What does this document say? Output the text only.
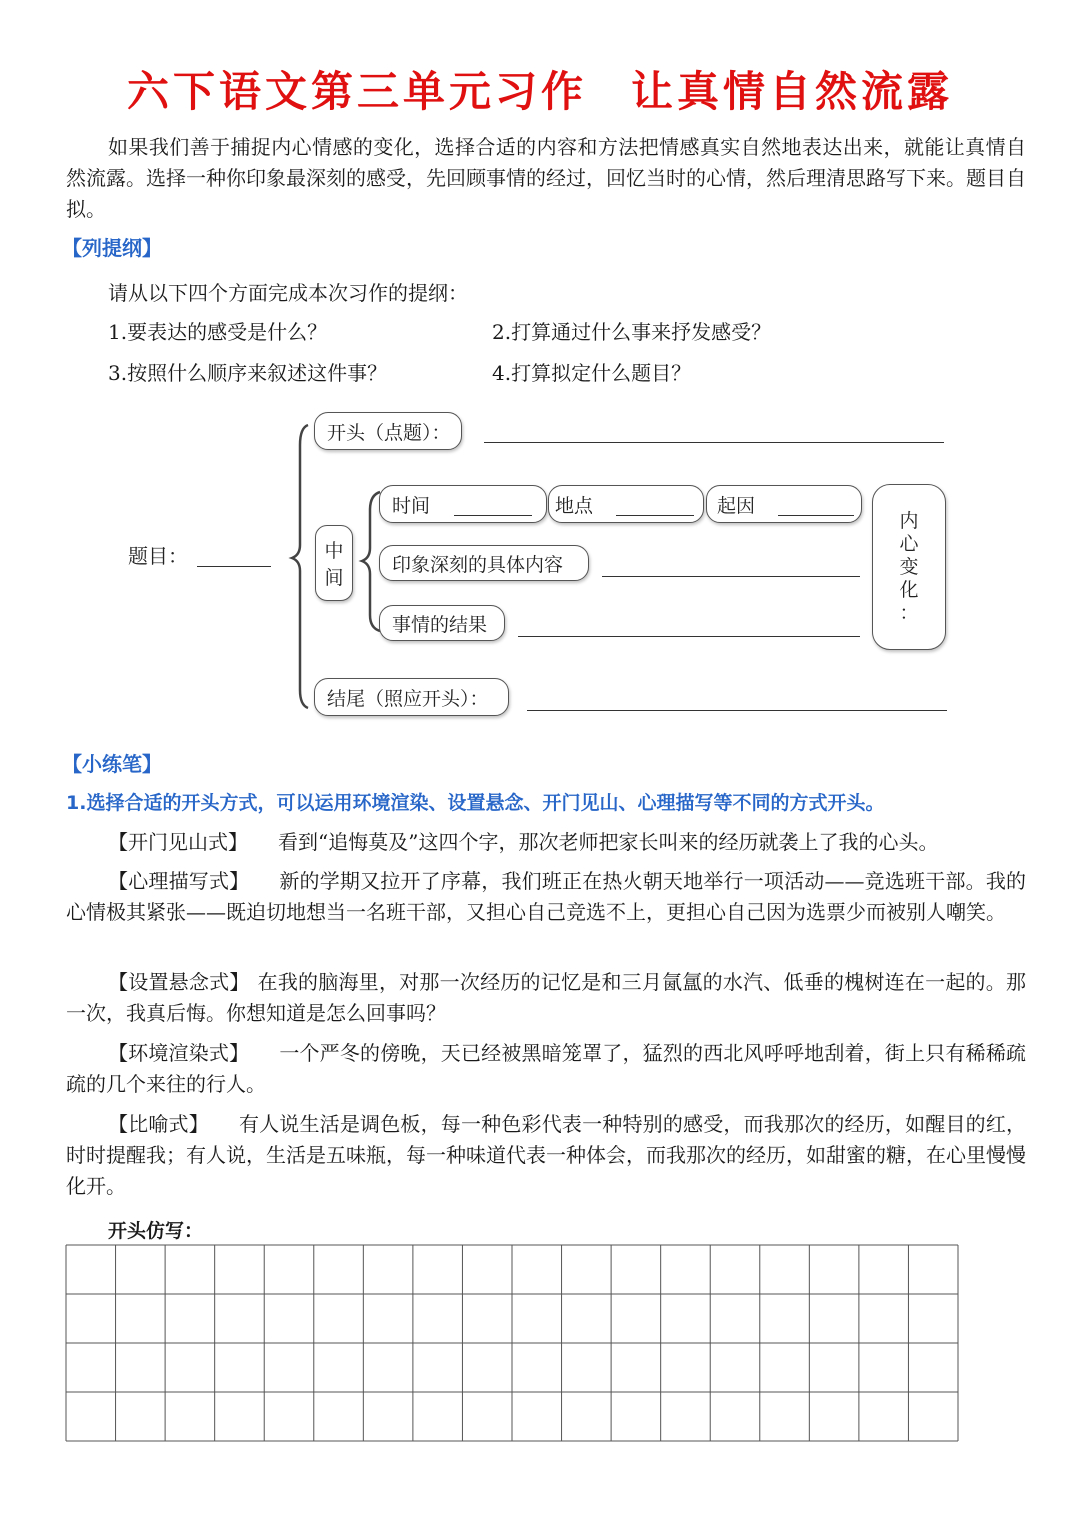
六下语文第三单元习作 让真情自然流露

如果我们善于捕捉内心情感的变化，选择合适的内容和方法把情感真实自然地表达出来，就能让真情自然流露。选择一种你印象最深刻的感受，先回顾事情的经过，回忆当时的心情，然后理清思路写下来。题目自拟。

【列提纲】
请从以下四个方面完成本次习作的提纲：
1.要表达的感受是什么？	2.打算通过什么事来抒发感受？
3.按照什么顺序来叙述这件事？	4.打算拟定什么题目？
题目：
开头（点题）：
中
间
时间	地点	起因
印象深刻的具体内容
事情的结果
内
心
变
化
：
结尾（照应开头）：
【小练笔】
1.选择合适的开头方式，可以运用环境渲染、设置悬念、开门见山、心理描写等不同的方式开头。

【开门见山式】 看到“追悔莫及”这四个字，那次老师把家长叫来的经历就袭上了我的心头。

【心理描写式】 新的学期又拉开了序幕，我们班正在热火朝天地举行一项活动——竞选班干部。我的心情极其紧张——既迫切地想当一名班干部，又担心自己竞选不上，更担心自己因为选票少而被别人嘲笑。

【设置悬念式】 在我的脑海里，对那一次经历的记忆是和三月氤氲的水汽、低垂的槐树连在一起的。那一次，我真后悔。你想知道是怎么回事吗？

【环境渲染式】 一个严冬的傍晚，天已经被黑暗笼罩了，猛烈的西北风呼呼地刮着，街上只有稀稀疏疏的几个来往的行人。

【比喻式】 有人说生活是调色板，每一种色彩代表一种特别的感受，而我那次的经历，如醒目的红，时时提醒我；有人说，生活是五味瓶，每一种味道代表一种体会，而我那次的经历，如甜蜜的糖，在心里慢慢化开。

开头仿写：
